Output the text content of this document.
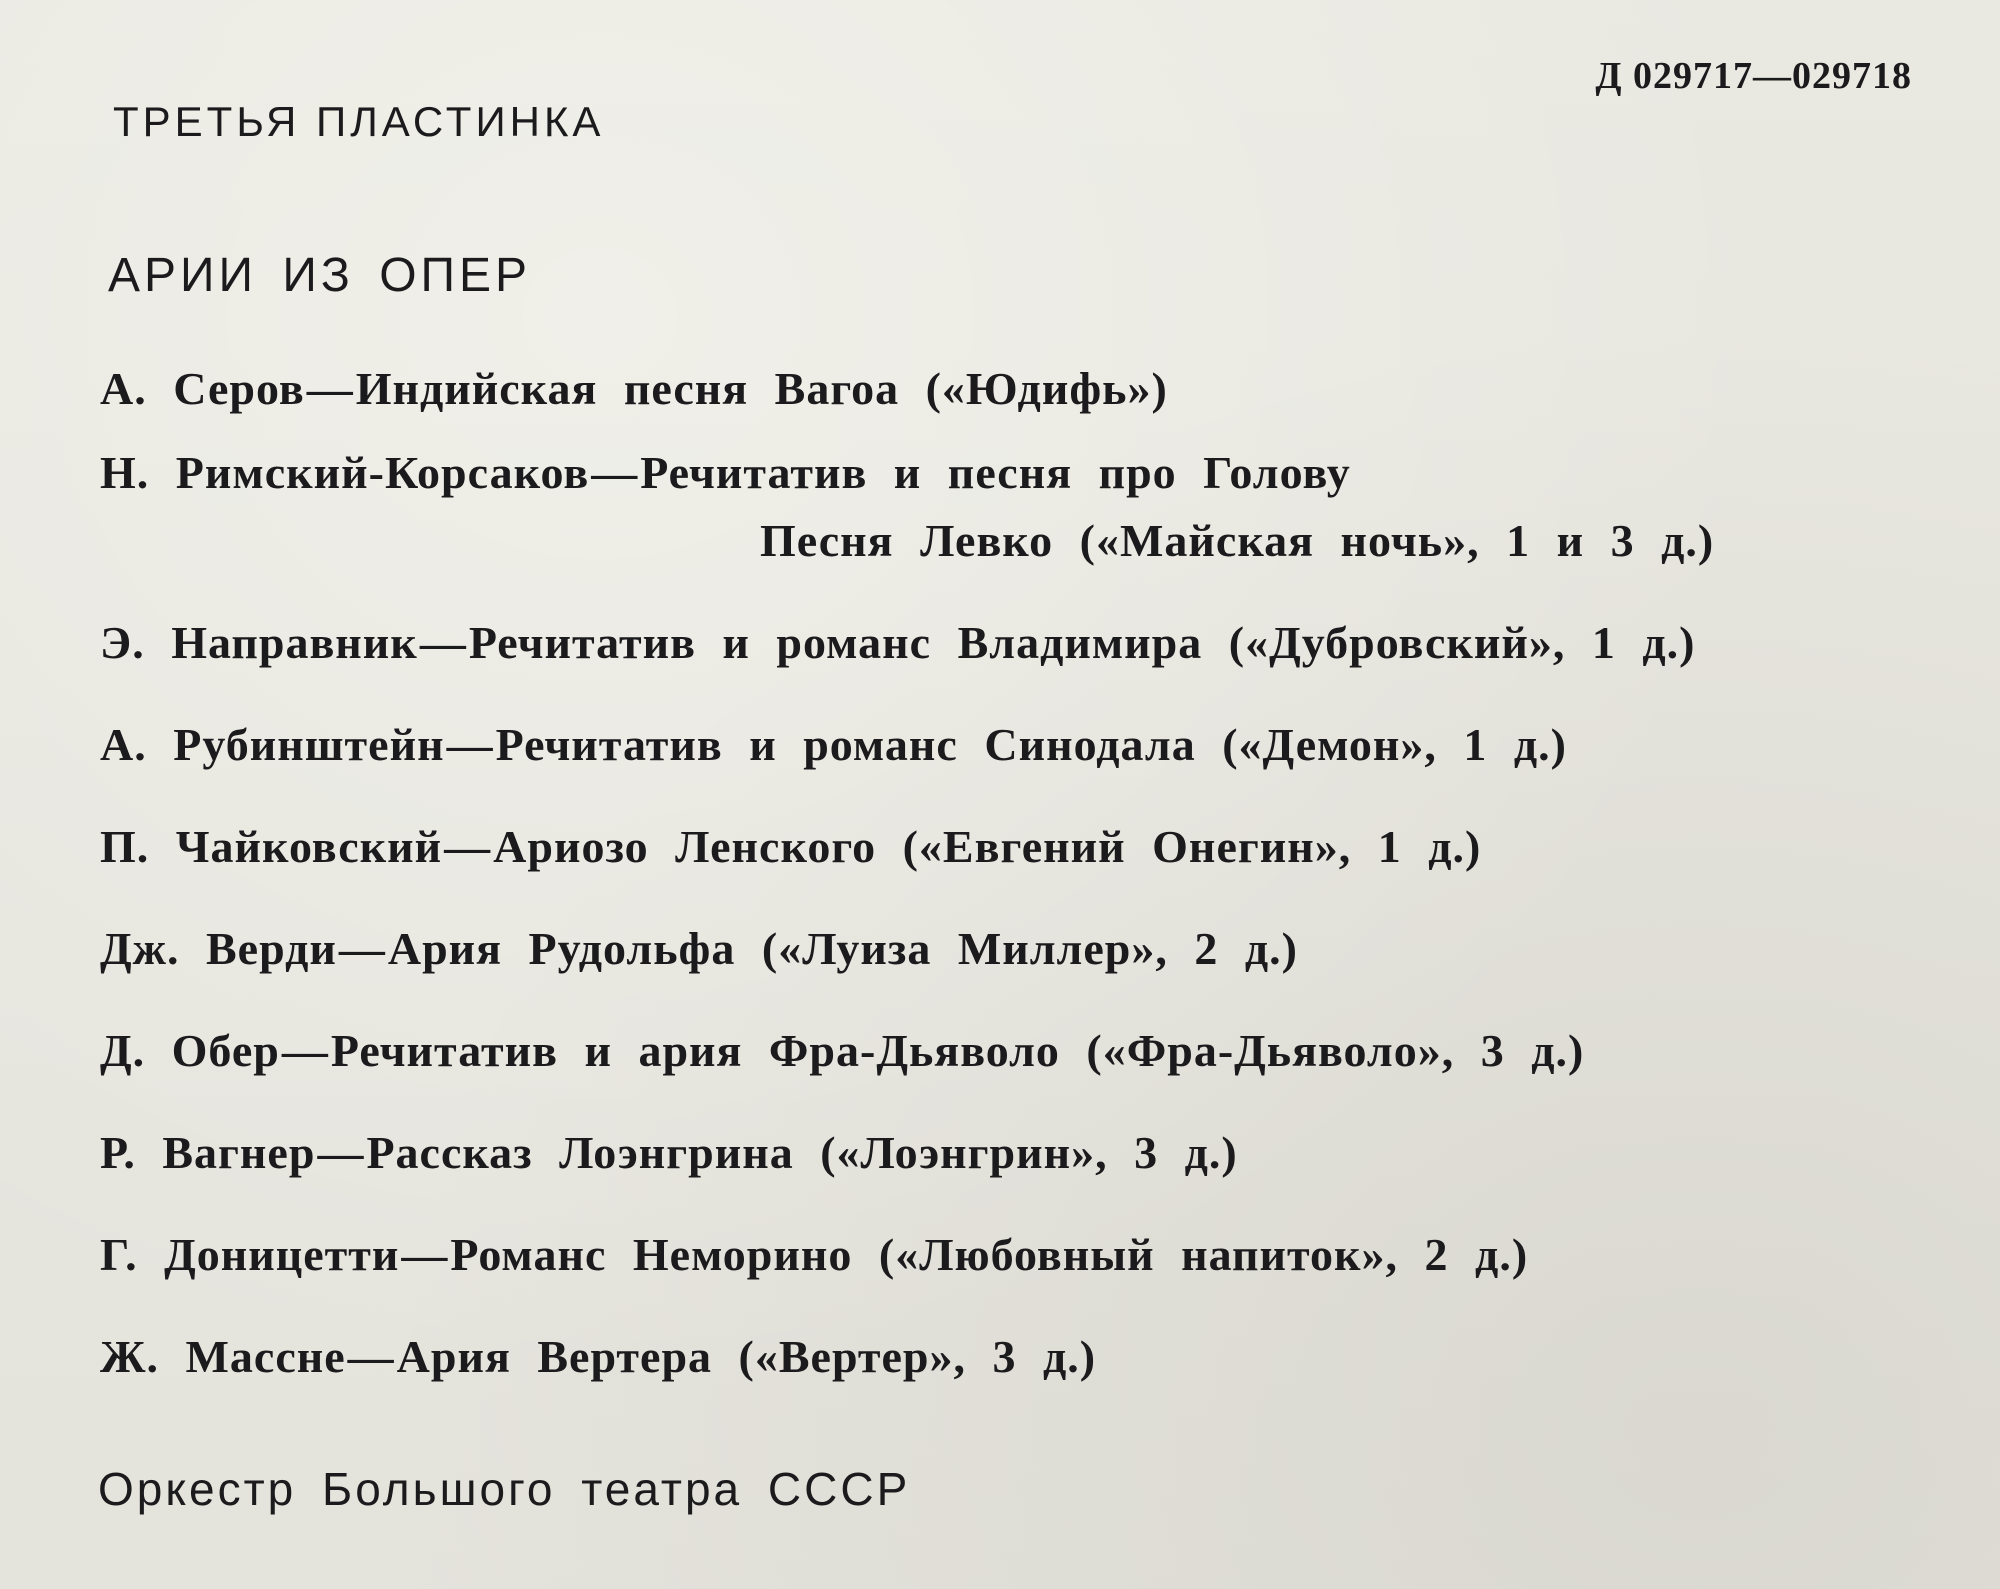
Д 029717—029718
ТРЕТЬЯ ПЛАСТИНКА
АРИИ ИЗ ОПЕР
А. Серов—Индийская песня Вагоа («Юдифь»)
Н. Римский-Корсаков—Речитатив и песня про Голову
Песня Левко («Майская ночь», 1 и 3 д.)
Э. Направник—Речитатив и романс Владимира («Дубровский», 1 д.)
А. Рубинштейн—Речитатив и романс Синодала («Демон», 1 д.)
П. Чайковский—Ариозо Ленского («Евгений Онегин», 1 д.)
Дж. Верди—Ария Рудольфа («Луиза Миллер», 2 д.)
Д. Обер—Речитатив и ария Фра-Дьяволо («Фра-Дьяволо», 3 д.)
Р. Вагнер—Рассказ Лоэнгрина («Лоэнгрин», 3 д.)
Г. Доницетти—Романс Неморино («Любовный напиток», 2 д.)
Ж. Массне—Ария Вертера («Вертер», 3 д.)
Оркестр Большого театра СССР
